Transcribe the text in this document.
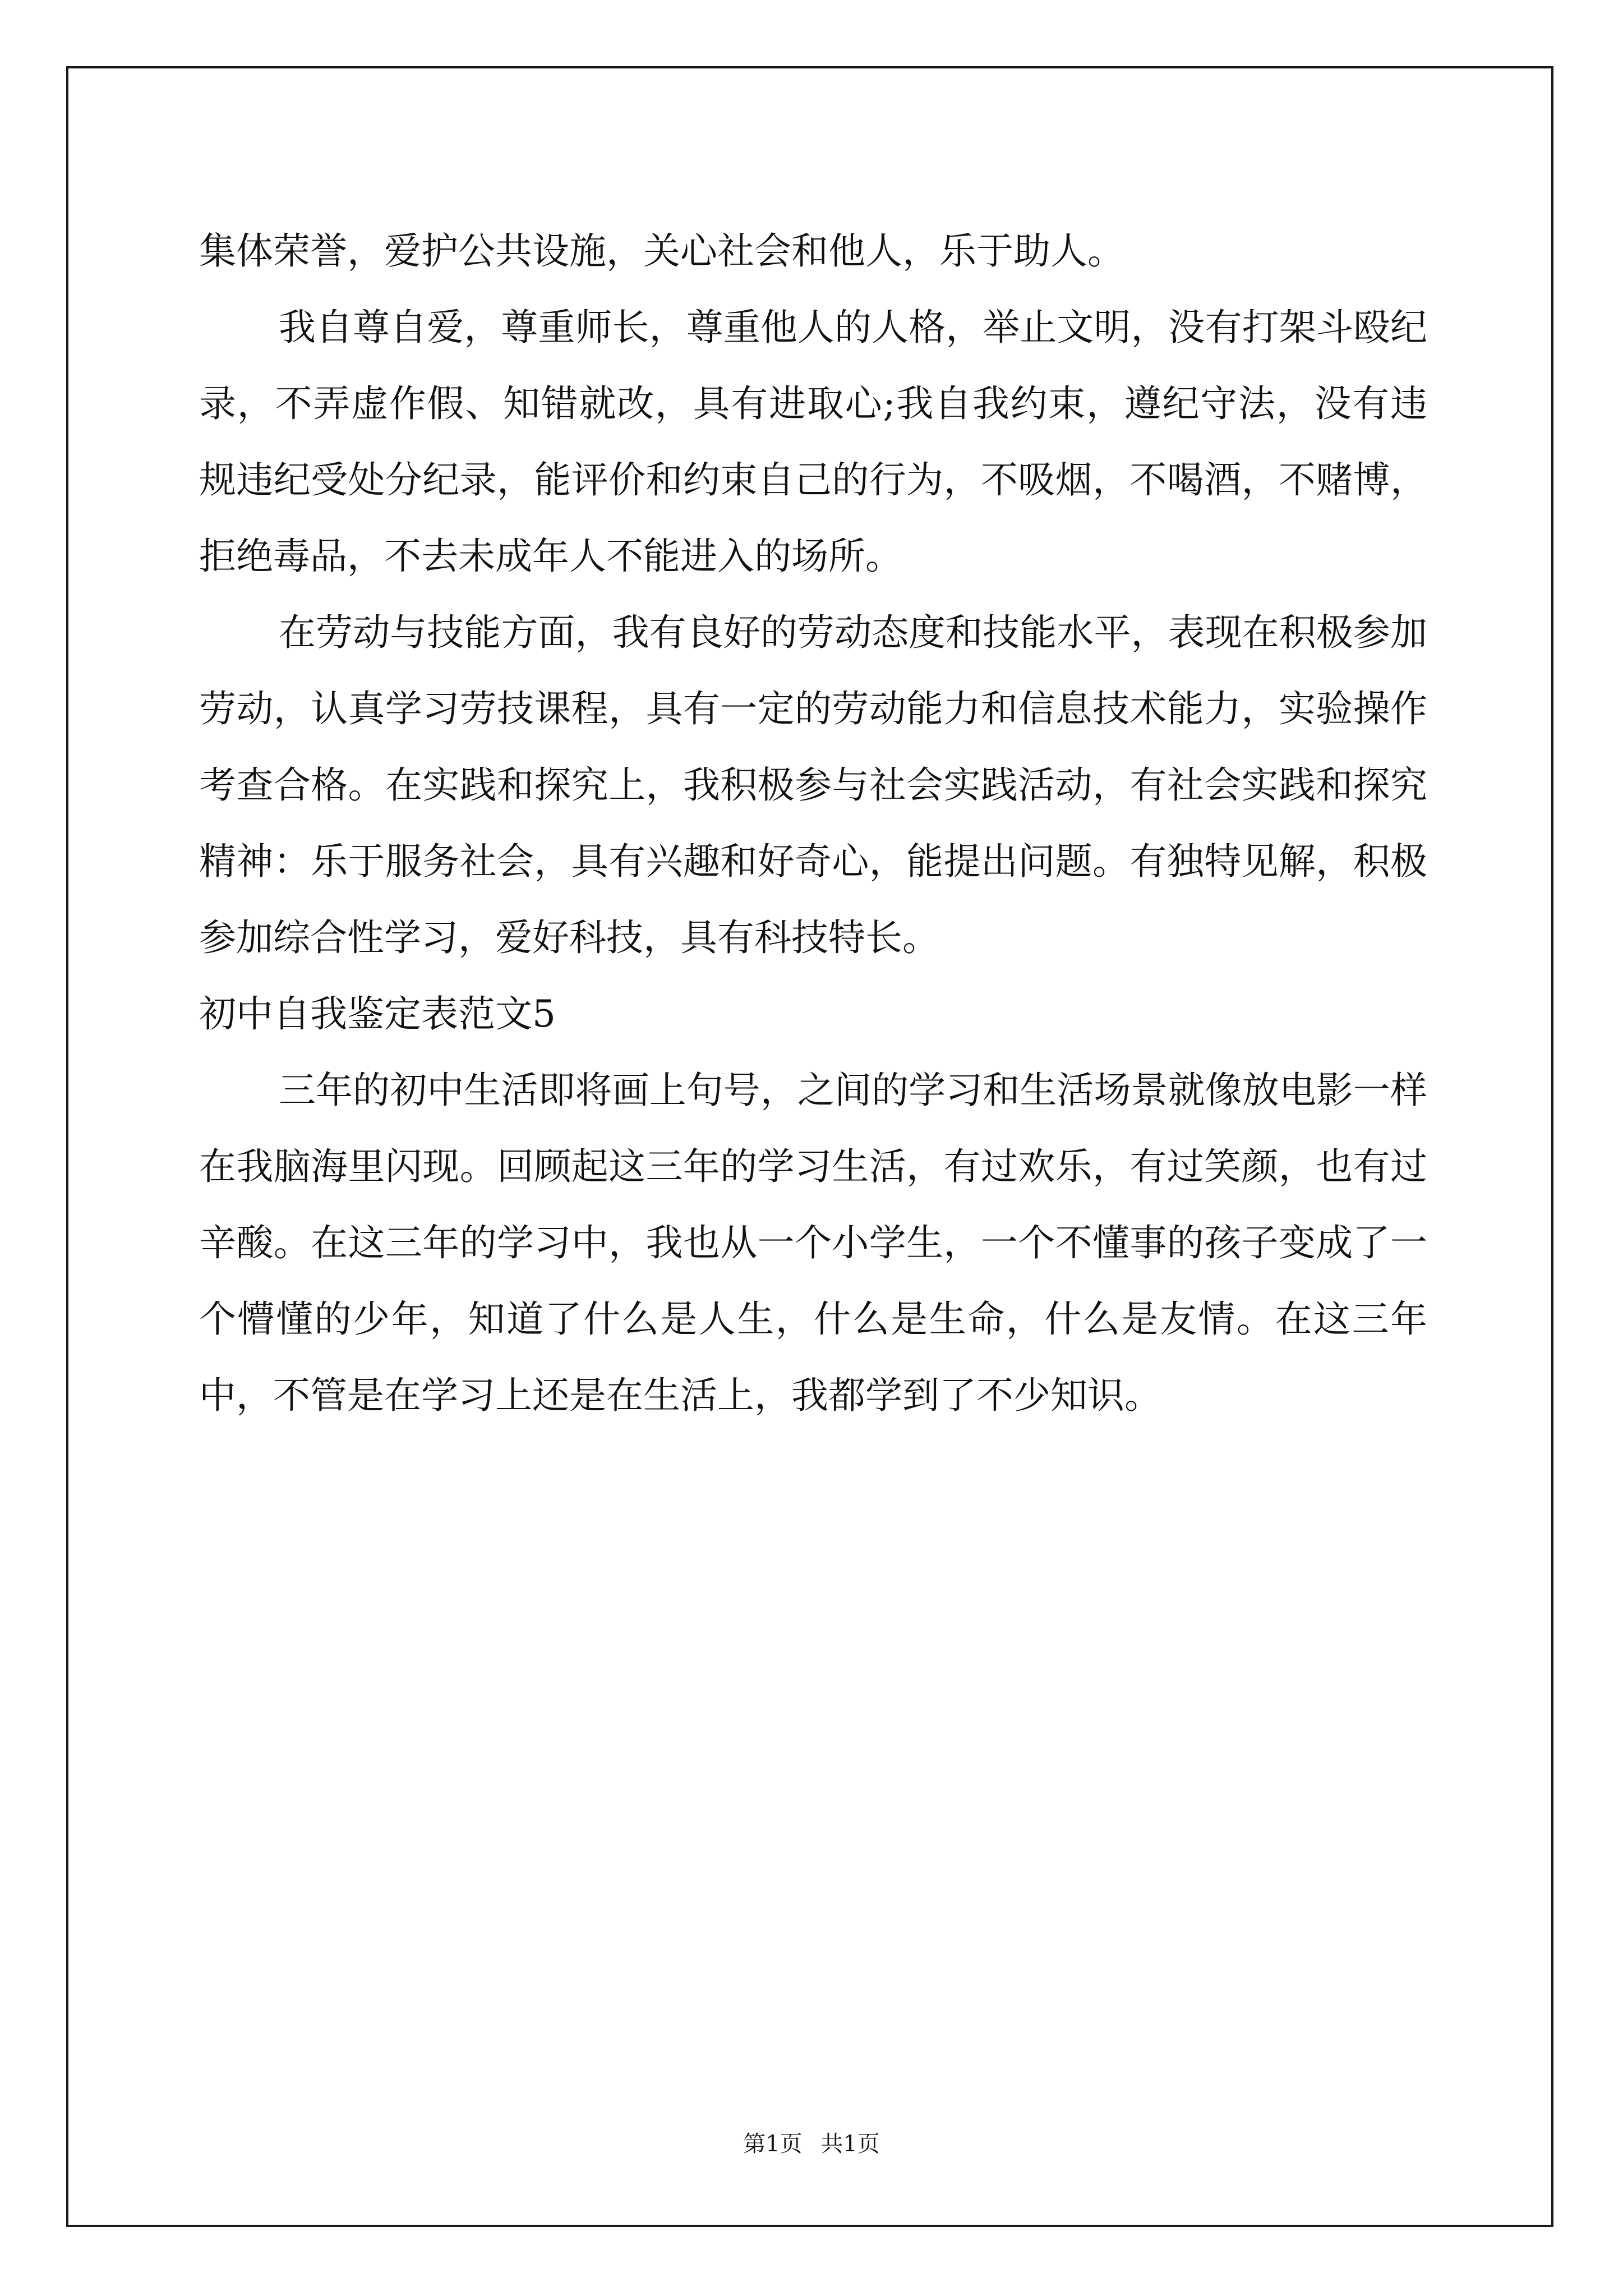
集体荣誉，爱护公共设施，关心社会和他人，乐于助人。

我自尊自爱，尊重师长，尊重他人的人格，举止文明，没有打架斗殴纪录，不弄虚作假、知错就改，具有进取心;我自我约束，遵纪守法，没有违规违纪受处分纪录，能评价和约束自己的行为，不吸烟，不喝酒，不赌博，拒绝毒品，不去未成年人不能进入的场所。

在劳动与技能方面，我有良好的劳动态度和技能水平，表现在积极参加劳动，认真学习劳技课程，具有一定的劳动能力和信息技术能力，实验操作考查合格。在实践和探究上，我积极参与社会实践活动，有社会实践和探究精神：乐于服务社会，具有兴趣和好奇心，能提出问题。有独特见解，积极参加综合性学习，爱好科技，具有科技特长。

初中自我鉴定表范文5

三年的初中生活即将画上句号，之间的学习和生活场景就像放电影一样在我脑海里闪现。回顾起这三年的学习生活，有过欢乐，有过笑颜，也有过辛酸。在这三年的学习中，我也从一个小学生，一个不懂事的孩子变成了一个懵懂的少年，知道了什么是人生，什么是生命，什么是友情。在这三年中，不管是在学习上还是在生活上，我都学到了不少知识。

第1页 共1页
